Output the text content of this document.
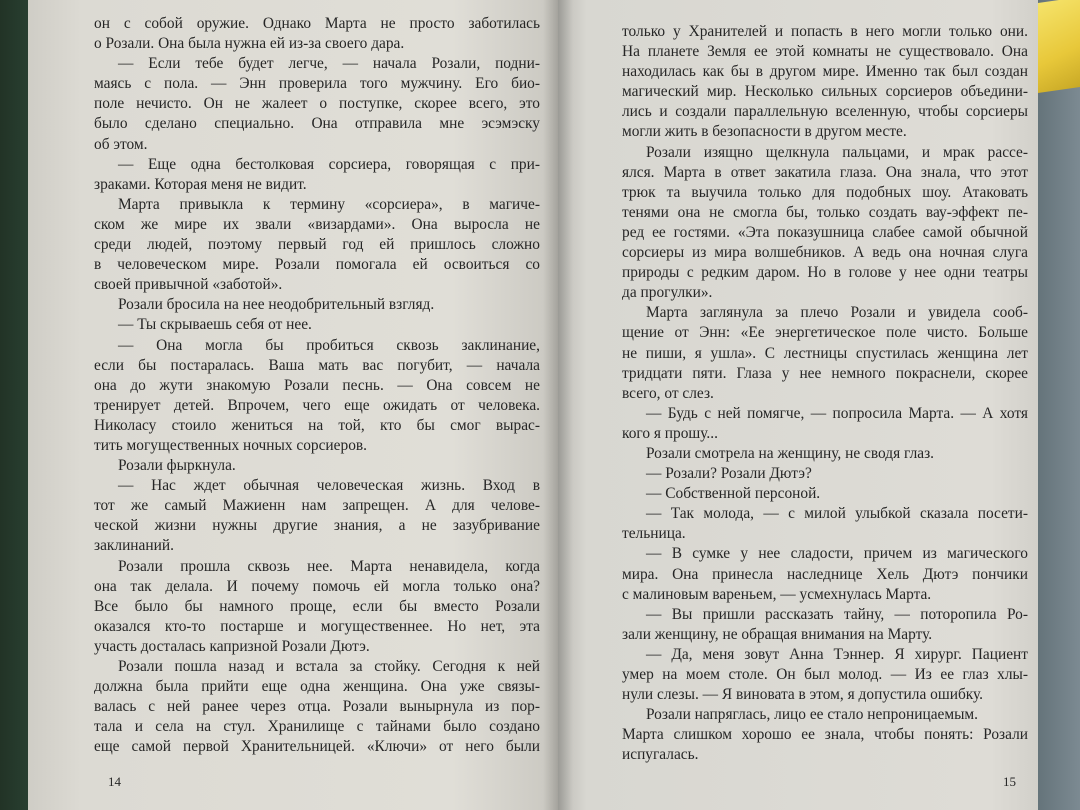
он с собой оружие. Однако Марта не просто заботилась
о Розали. Она была нужна ей из-за своего дара.
— Если тебе будет легче, — начала Розали, подни-
маясь с пола. — Энн проверила того мужчину. Его био-
поле нечисто. Он не жалеет о поступке, скорее всего, это
было сделано специально. Она отправила мне эсэмэску
об этом.
— Еще одна бестолковая сорсиера, говорящая с при-
зраками. Которая меня не видит.
Марта привыкла к термину «сорсиера», в магиче-
ском же мире их звали «визардами». Она выросла не
среди людей, поэтому первый год ей пришлось сложно
в человеческом мире. Розали помогала ей освоиться со
своей привычной «заботой».
Розали бросила на нее неодобрительный взгляд.
— Ты скрываешь себя от нее.
— Она могла бы пробиться сквозь заклинание,
если бы постаралась. Ваша мать вас погубит, — начала
она до жути знакомую Розали песнь. — Она совсем не
тренирует детей. Впрочем, чего еще ожидать от человека.
Николасу стоило жениться на той, кто бы смог вырас-
тить могущественных ночных сорсиеров.
Розали фыркнула.
— Нас ждет обычная человеческая жизнь. Вход в
тот же самый Мажиенн нам запрещен. А для челове-
ческой жизни нужны другие знания, а не зазубривание
заклинаний.
Розали прошла сквозь нее. Марта ненавидела, когда
она так делала. И почему помочь ей могла только она?
Все было бы намного проще, если бы вместо Розали
оказался кто-то постарше и могущественнее. Но нет, эта
участь досталась капризной Розали Дютэ.
Розали пошла назад и встала за стойку. Сегодня к ней
должна была прийти еще одна женщина. Она уже связы-
валась с ней ранее через отца. Розали вынырнула из пор-
тала и села на стул. Хранилище с тайнами было создано
еще самой первой Хранительницей. «Ключи» от него были
14
только у Хранителей и попасть в него могли только они.
На планете Земля ее этой комнаты не существовало. Она
находилась как бы в другом мире. Именно так был создан
магический мир. Несколько сильных сорсиеров объедини-
лись и создали параллельную вселенную, чтобы сорсиеры
могли жить в безопасности в другом месте.
Розали изящно щелкнула пальцами, и мрак рассе-
ялся. Марта в ответ закатила глаза. Она знала, что этот
трюк та выучила только для подобных шоу. Атаковать
тенями она не смогла бы, только создать вау-эффект пе-
ред ее гостями. «Эта показушница слабее самой обычной
сорсиеры из мира волшебников. А ведь она ночная слуга
природы с редким даром. Но в голове у нее одни театры
да прогулки».
Марта заглянула за плечо Розали и увидела сооб-
щение от Энн: «Ее энергетическое поле чисто. Больше
не пиши, я ушла». С лестницы спустилась женщина лет
тридцати пяти. Глаза у нее немного покраснели, скорее
всего, от слез.
— Будь с ней помягче, — попросила Марта. — А хотя
кого я прошу...
Розали смотрела на женщину, не сводя глаз.
— Розали? Розали Дютэ?
— Собственной персоной.
— Так молода, — с милой улыбкой сказала посети-
тельница.
— В сумке у нее сладости, причем из магического
мира. Она принесла наследнице Хель Дютэ пончики
с малиновым вареньем, — усмехнулась Марта.
— Вы пришли рассказать тайну, — поторопила Ро-
зали женщину, не обращая внимания на Марту.
— Да, меня зовут Анна Тэннер. Я хирург. Пациент
умер на моем столе. Он был молод. — Из ее глаз хлы-
нули слезы. — Я виновата в этом, я допустила ошибку.
Розали напряглась, лицо ее стало непроницаемым.
Марта слишком хорошо ее знала, чтобы понять: Розали
испугалась.
15
